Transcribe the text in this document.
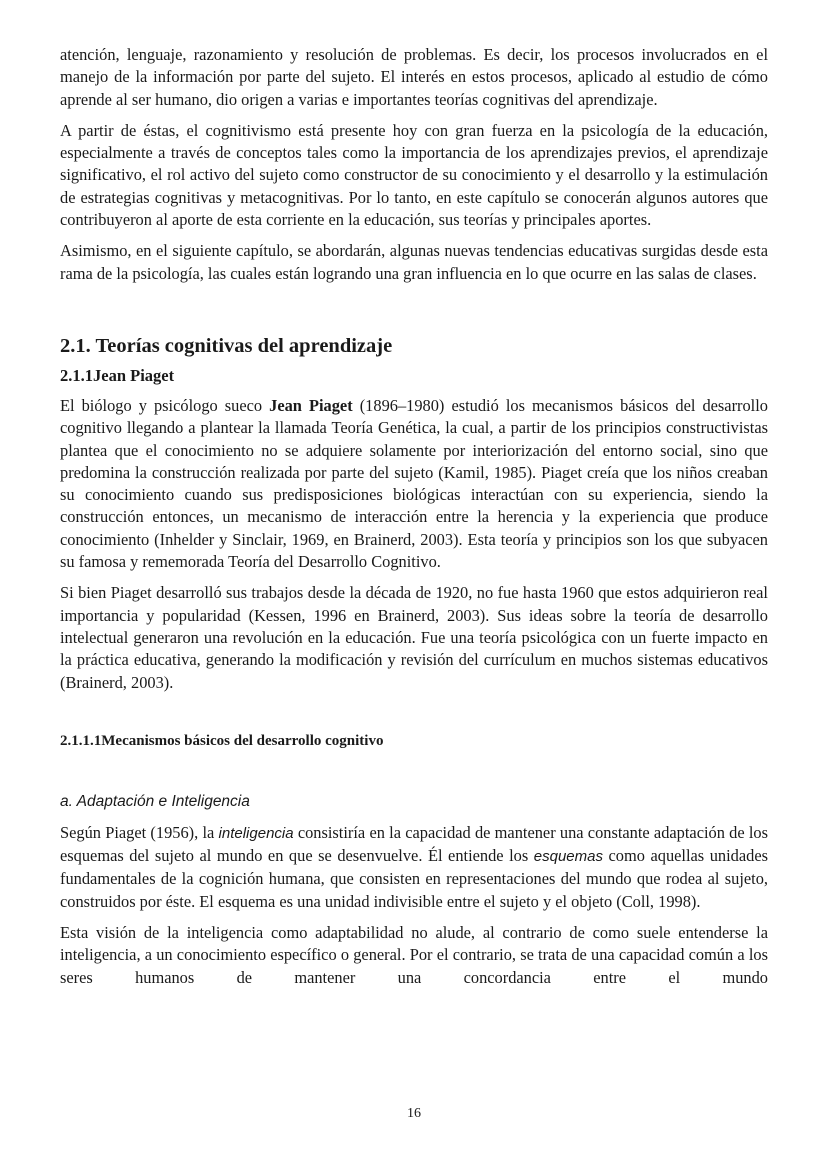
atención, lenguaje, razonamiento y resolución de problemas. Es decir, los procesos involucrados en el manejo de la información por parte del sujeto. El interés en estos procesos, aplicado al estudio de cómo aprende al ser humano, dio origen a varias e importantes teorías cognitivas del aprendizaje.

A partir de éstas, el cognitivismo está presente hoy con gran fuerza en la psicología de la educación, especialmente a través de conceptos tales como la importancia de los aprendizajes previos, el aprendizaje significativo, el rol activo del sujeto como constructor de su conocimiento y el desarrollo y la estimulación de estrategias cognitivas y metacognitivas. Por lo tanto, en este capítulo se conocerán algunos autores que contribuyeron al aporte de esta corriente en la educación, sus teorías y principales aportes.

Asimismo, en el siguiente capítulo, se abordarán, algunas nuevas tendencias educativas surgidas desde esta rama de la psicología, las cuales están logrando una gran influencia en lo que ocurre en las salas de clases.

2.1. Teorías cognitivas del aprendizaje
2.1.1Jean Piaget

El biólogo y psicólogo sueco Jean Piaget (1896–1980) estudió los mecanismos básicos del desarrollo cognitivo llegando a plantear la llamada Teoría Genética, la cual, a partir de los principios constructivistas plantea que el conocimiento no se adquiere solamente por interiorización del entorno social, sino que predomina la construcción realizada por parte del sujeto (Kamil, 1985). Piaget creía que los niños creaban su conocimiento cuando sus predisposiciones biológicas interactúan con su experiencia, siendo la construcción entonces, un mecanismo de interacción entre la herencia y la experiencia que produce conocimiento (Inhelder y Sinclair, 1969, en Brainerd, 2003). Esta teoría y principios son los que subyacen su famosa y rememorada Teoría del Desarrollo Cognitivo.

Si bien Piaget desarrolló sus trabajos desde la década de 1920, no fue hasta 1960 que estos adquirieron real importancia y popularidad (Kessen, 1996 en Brainerd, 2003). Sus ideas sobre la teoría de desarrollo intelectual generaron una revolución en la educación. Fue una teoría psicológica con un fuerte impacto en la práctica educativa, generando la modificación y revisión del currículum en muchos sistemas educativos (Brainerd, 2003).

2.1.1.1Mecanismos básicos del desarrollo cognitivo
a. Adaptación e Inteligencia

Según Piaget (1956), la inteligencia consistiría en la capacidad de mantener una constante adaptación de los esquemas del sujeto al mundo en que se desenvuelve. Él entiende los esquemas como aquellas unidades fundamentales de la cognición humana, que consisten en representaciones del mundo que rodea al sujeto, construidos por éste. El esquema es una unidad indivisible entre el sujeto y el objeto (Coll, 1998).

Esta visión de la inteligencia como adaptabilidad no alude, al contrario de como suele entenderse la inteligencia, a un conocimiento específico o general. Por el contrario, se trata de una capacidad común a los seres humanos de mantener una concordancia entre el mundo

16
